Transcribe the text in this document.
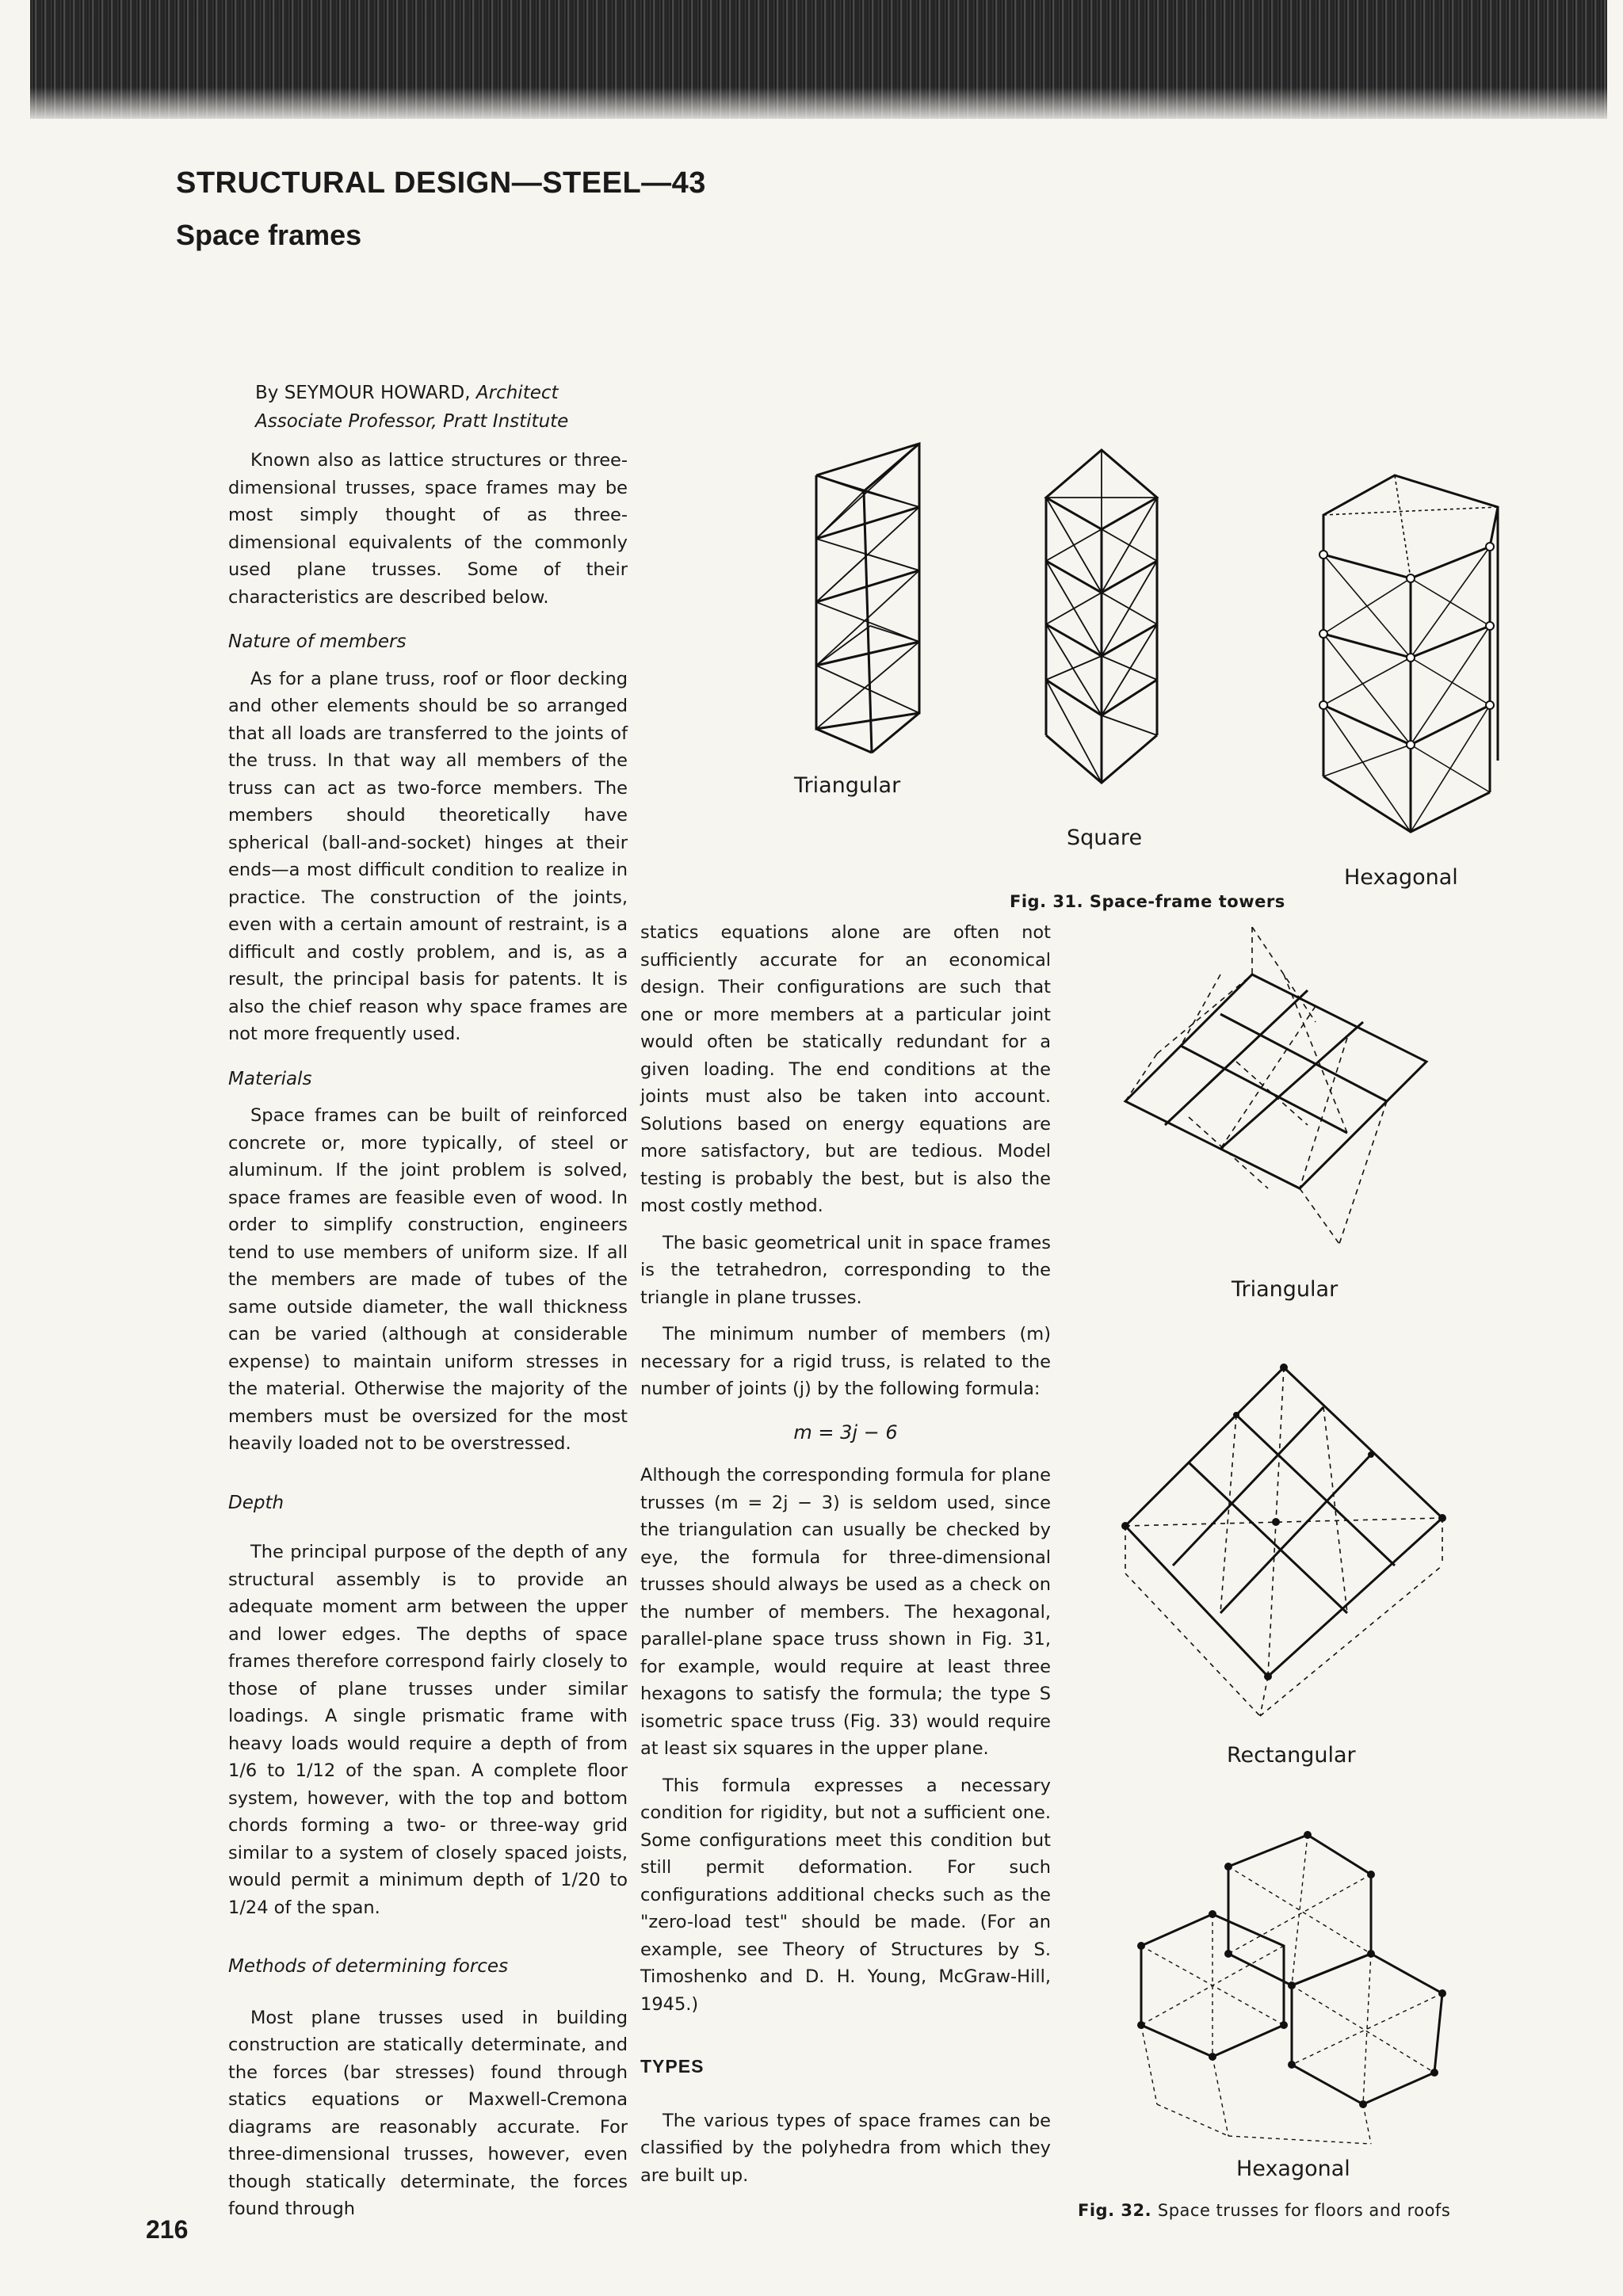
STRUCTURAL DESIGN—STEEL—43
Space frames
By SEYMOUR HOWARD, Architect
Associate Professor, Pratt Institute

Known also as lattice structures or three-dimensional trusses, space frames may be most simply thought of as three-dimensional equivalents of the commonly used plane trusses. Some of their characteristics are described below.

Nature of members

As for a plane truss, roof or floor decking and other elements should be so arranged that all loads are transferred to the joints of the truss. In that way all members of the truss can act as two-force members. The members should theoretically have spherical (ball-and-socket) hinges at their ends—a most difficult condition to realize in practice. The construction of the joints, even with a certain amount of restraint, is a difficult and costly problem, and is, as a result, the principal basis for patents. It is also the chief reason why space frames are not more frequently used.

Materials

Space frames can be built of reinforced concrete or, more typically, of steel or aluminum. If the joint problem is solved, space frames are feasible even of wood. In order to simplify construction, engineers tend to use members of uniform size. If all the members are made of tubes of the same outside diameter, the wall thickness can be varied (although at considerable expense) to maintain uniform stresses in the material. Otherwise the majority of the members must be oversized for the most heavily loaded not to be overstressed.

Depth

The principal purpose of the depth of any structural assembly is to provide an adequate moment arm between the upper and lower edges. The depths of space frames therefore correspond fairly closely to those of plane trusses under similar loadings. A single prismatic frame with heavy loads would require a depth of from 1/6 to 1/12 of the span. A complete floor system, however, with the top and bottom chords forming a two- or three-way grid similar to a system of closely spaced joists, would permit a minimum depth of 1/20 to 1/24 of the span.

Methods of determining forces

Most plane trusses used in building construction are statically determinate, and the forces (bar stresses) found through statics equations or Maxwell-Cremona diagrams are reasonably accurate. For three-dimensional trusses, however, even though statically determinate, the forces found through

statics equations alone are often not sufficiently accurate for an economical design. Their configurations are such that one or more members at a particular joint would often be statically redundant for a given loading. The end conditions at the joints must also be taken into account. Solutions based on energy equations are more satisfactory, but are tedious. Model testing is probably the best, but is also the most costly method.

The basic geometrical unit in space frames is the tetrahedron, corresponding to the triangle in plane trusses.

The minimum number of members (m) necessary for a rigid truss, is related to the number of joints (j) by the following formula:

m = 3j − 6

Although the corresponding formula for plane trusses (m = 2j − 3) is seldom used, since the triangulation can usually be checked by eye, the formula for three-dimensional trusses should always be used as a check on the number of members. The hexagonal, parallel-plane space truss shown in Fig. 31, for example, would require at least three hexagons to satisfy the formula; the type S isometric space truss (Fig. 33) would require at least six squares in the upper plane.

This formula expresses a necessary condition for rigidity, but not a sufficient one. Some configurations meet this condition but still permit deformation. For such configurations additional checks such as the "zero-load test" should be made. (For an example, see Theory of Structures by S. Timoshenko and D. H. Young, McGraw-Hill, 1945.)

TYPES

The various types of space frames can be classified by the polyhedra from which they are built up.

Triangular
Square
Hexagonal
Fig. 31. Space-frame towers
Triangular
Rectangular
Hexagonal
Fig. 32. Space trusses for floors and roofs
216
